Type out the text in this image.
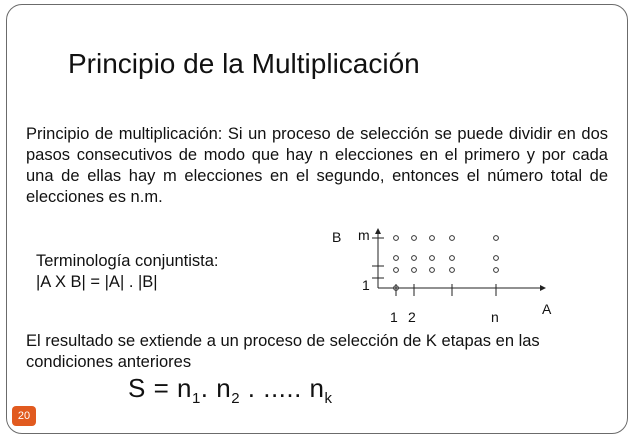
Principio de la Multiplicación

Principio de multiplicación: Si un proceso de selección se puede dividir en dos pasos consecutivos de modo que hay n elecciones en el primero y por cada una de ellas hay m elecciones en el segundo, entonces el número total de elecciones es n.m.

Terminología conjuntista:

|A X B| = |A| . |B|

B m
1
1 2	n	A

El resultado se extiende a un proceso de selección de K etapas en las condiciones anteriores

$S = n_1$. $n_2$ . ..... $n_k$

20
